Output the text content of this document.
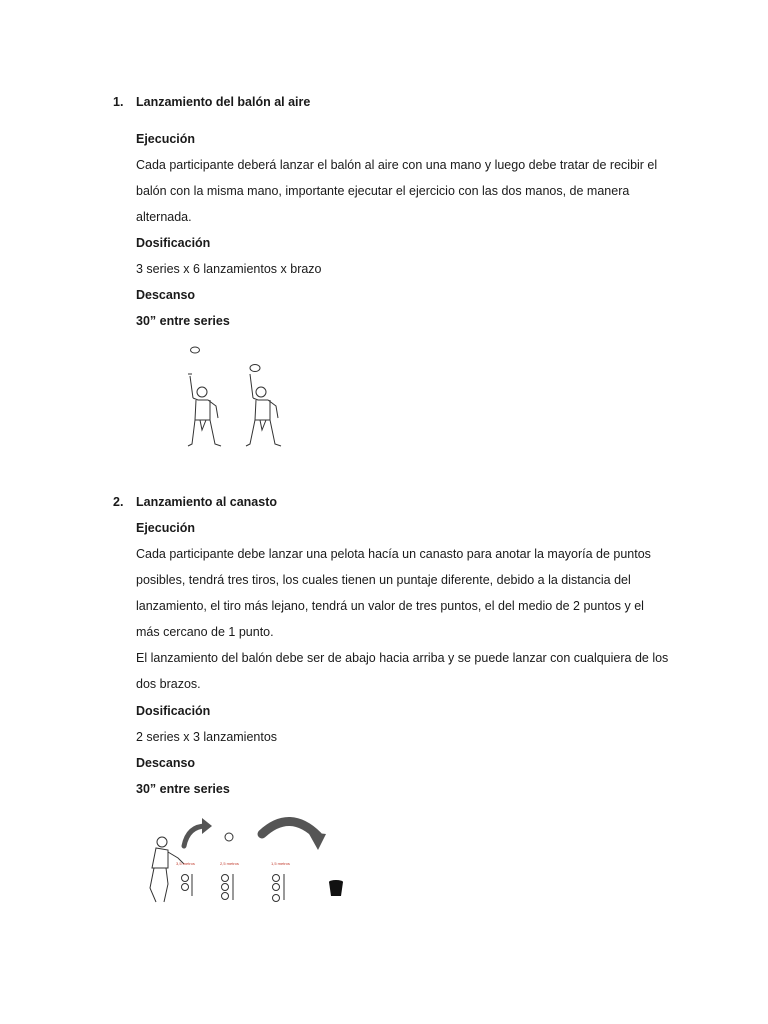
1. Lanzamiento del balón al aire
Ejecución
Cada participante deberá lanzar el balón al aire con una mano y luego debe tratar de recibir el
balón con la misma mano, importante ejecutar el ejercicio con las dos manos, de manera
alternada.
Dosificación
3 series x 6 lanzamientos x brazo
Descanso
30” entre series
2. Lanzamiento al canasto
Ejecución
Cada participante debe lanzar una pelota hacía un canasto para anotar la mayoría de puntos
posibles, tendrá tres tiros, los cuales tienen un puntaje diferente, debido a la distancia del
lanzamiento, el tiro más lejano, tendrá un valor de tres puntos, el del medio de 2 puntos y el
más cercano de 1 punto.
El lanzamiento del balón debe ser de abajo hacia arriba y se puede lanzar con cualquiera de los
dos brazos.
Dosificación
2 series x 3 lanzamientos
Descanso
30” entre series
3,5 metros	2,5 metros	1,5 metros
